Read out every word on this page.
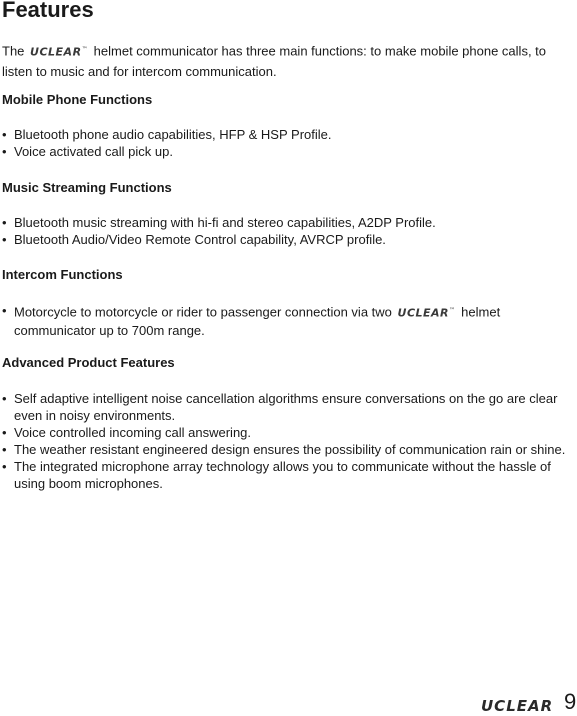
Features

The UCLEAR™ helmet communicator has three main functions: to make mobile phone calls, to listen to music and for intercom communication.

Mobile Phone Functions
• Bluetooth phone audio capabilities, HFP & HSP Profile.
• Voice activated call pick up.
Music Streaming Functions
• Bluetooth music streaming with hi-fi and stereo capabilities, A2DP Profile.
• Bluetooth Audio/Video Remote Control capability, AVRCP profile.
Intercom Functions
• Motorcycle to motorcycle or rider to passenger connection via two UCLEAR™ helmet communicator up to 700m range.
Advanced Product Features
• Self adaptive intelligent noise cancellation algorithms ensure conversations on the go are clear even in noisy environments.
• Voice controlled incoming call answering.
• The weather resistant engineered design ensures the possibility of communication rain or shine.
• The integrated microphone array technology allows you to communicate without the hassle of using boom microphones.
UCLEAR 9
